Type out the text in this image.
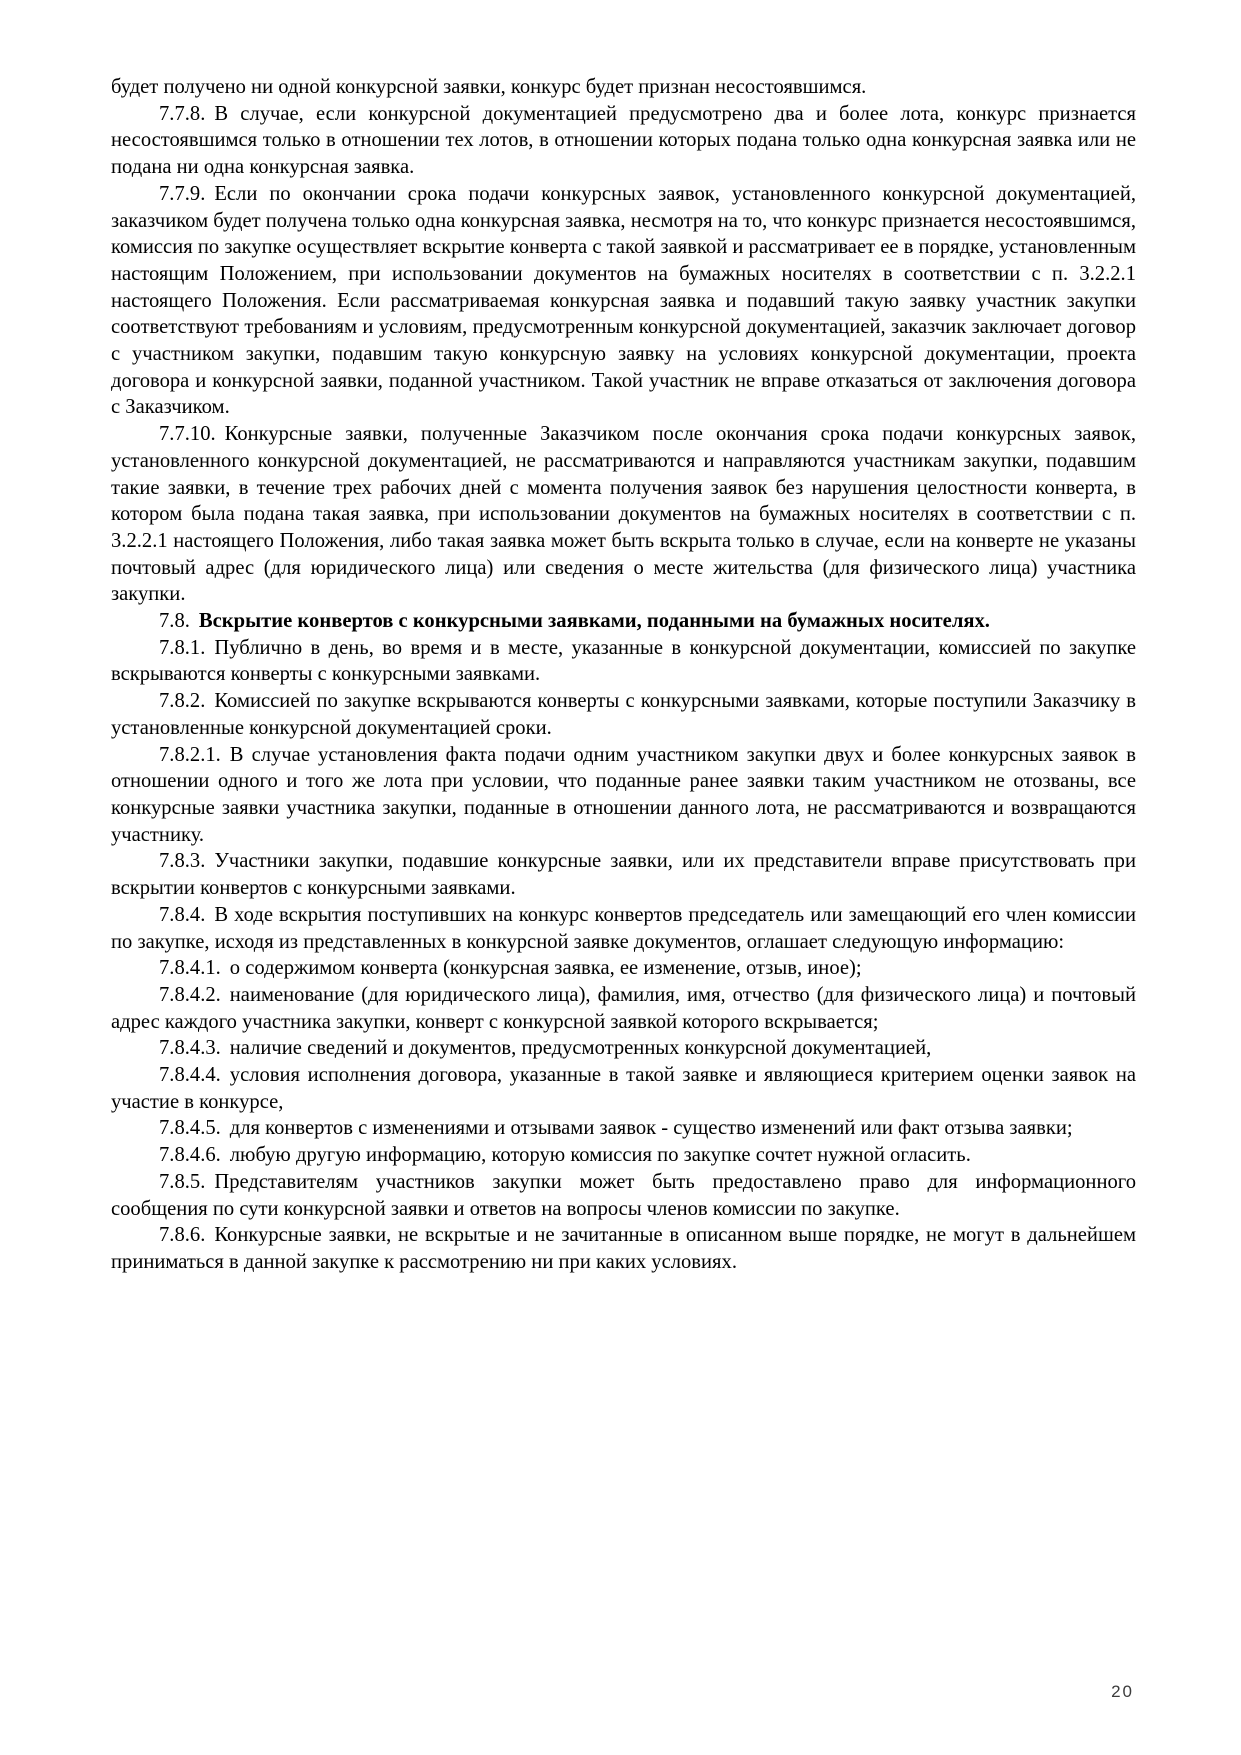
будет получено ни одной конкурсной заявки, конкурс будет признан несостоявшимся.

7.7.8. В случае, если конкурсной документацией предусмотрено два и более лота, конкурс признается несостоявшимся только в отношении тех лотов, в отношении которых подана только одна конкурсная заявка или не подана ни одна конкурсная заявка.

7.7.9. Если по окончании срока подачи конкурсных заявок, установленного конкурсной документацией, заказчиком будет получена только одна конкурсная заявка, несмотря на то, что конкурс признается несостоявшимся, комиссия по закупке осуществляет вскрытие конверта с такой заявкой и рассматривает ее в порядке, установленным настоящим Положением, при использовании документов на бумажных носителях в соответствии с п. 3.2.2.1 настоящего Положения. Если рассматриваемая конкурсная заявка и подавший такую заявку участник закупки соответствуют требованиям и условиям, предусмотренным конкурсной документацией, заказчик заключает договор с участником закупки, подавшим такую конкурсную заявку на условиях конкурсной документации, проекта договора и конкурсной заявки, поданной участником. Такой участник не вправе отказаться от заключения договора с Заказчиком.

7.7.10. Конкурсные заявки, полученные Заказчиком после окончания срока подачи конкурсных заявок, установленного конкурсной документацией, не рассматриваются и направляются участникам закупки, подавшим такие заявки, в течение трех рабочих дней с момента получения заявок без нарушения целостности конверта, в котором была подана такая заявка, при использовании документов на бумажных носителях в соответствии с п. 3.2.2.1 настоящего Положения, либо такая заявка может быть вскрыта только в случае, если на конверте не указаны почтовый адрес (для юридического лица) или сведения о месте жительства (для физического лица) участника закупки.

7.8. Вскрытие конвертов с конкурсными заявками, поданными на бумажных носителях.

7.8.1. Публично в день, во время и в месте, указанные в конкурсной документации, комиссией по закупке вскрываются конверты с конкурсными заявками.

7.8.2. Комиссией по закупке вскрываются конверты с конкурсными заявками, которые поступили Заказчику в установленные конкурсной документацией сроки.

7.8.2.1. В случае установления факта подачи одним участником закупки двух и более конкурсных заявок в отношении одного и того же лота при условии, что поданные ранее заявки таким участником не отозваны, все конкурсные заявки участника закупки, поданные в отношении данного лота, не рассматриваются и возвращаются участнику.

7.8.3. Участники закупки, подавшие конкурсные заявки, или их представители вправе присутствовать при вскрытии конвертов с конкурсными заявками.

7.8.4. В ходе вскрытия поступивших на конкурс конвертов председатель или замещающий его член комиссии по закупке, исходя из представленных в конкурсной заявке документов, оглашает следующую информацию:

7.8.4.1. о содержимом конверта (конкурсная заявка, ее изменение, отзыв, иное);

7.8.4.2. наименование (для юридического лица), фамилия, имя, отчество (для физического лица) и почтовый адрес каждого участника закупки, конверт с конкурсной заявкой которого вскрывается;

7.8.4.3. наличие сведений и документов, предусмотренных конкурсной документацией,

7.8.4.4. условия исполнения договора, указанные в такой заявке и являющиеся критерием оценки заявок на участие в конкурсе,

7.8.4.5. для конвертов с изменениями и отзывами заявок - существо изменений или факт отзыва заявки;

7.8.4.6. любую другую информацию, которую комиссия по закупке сочтет нужной огласить.

7.8.5. Представителям участников закупки может быть предоставлено право для информационного сообщения по сути конкурсной заявки и ответов на вопросы членов комиссии по закупке.

7.8.6. Конкурсные заявки, не вскрытые и не зачитанные в описанном выше порядке, не могут в дальнейшем приниматься в данной закупке к рассмотрению ни при каких условиях.

20
